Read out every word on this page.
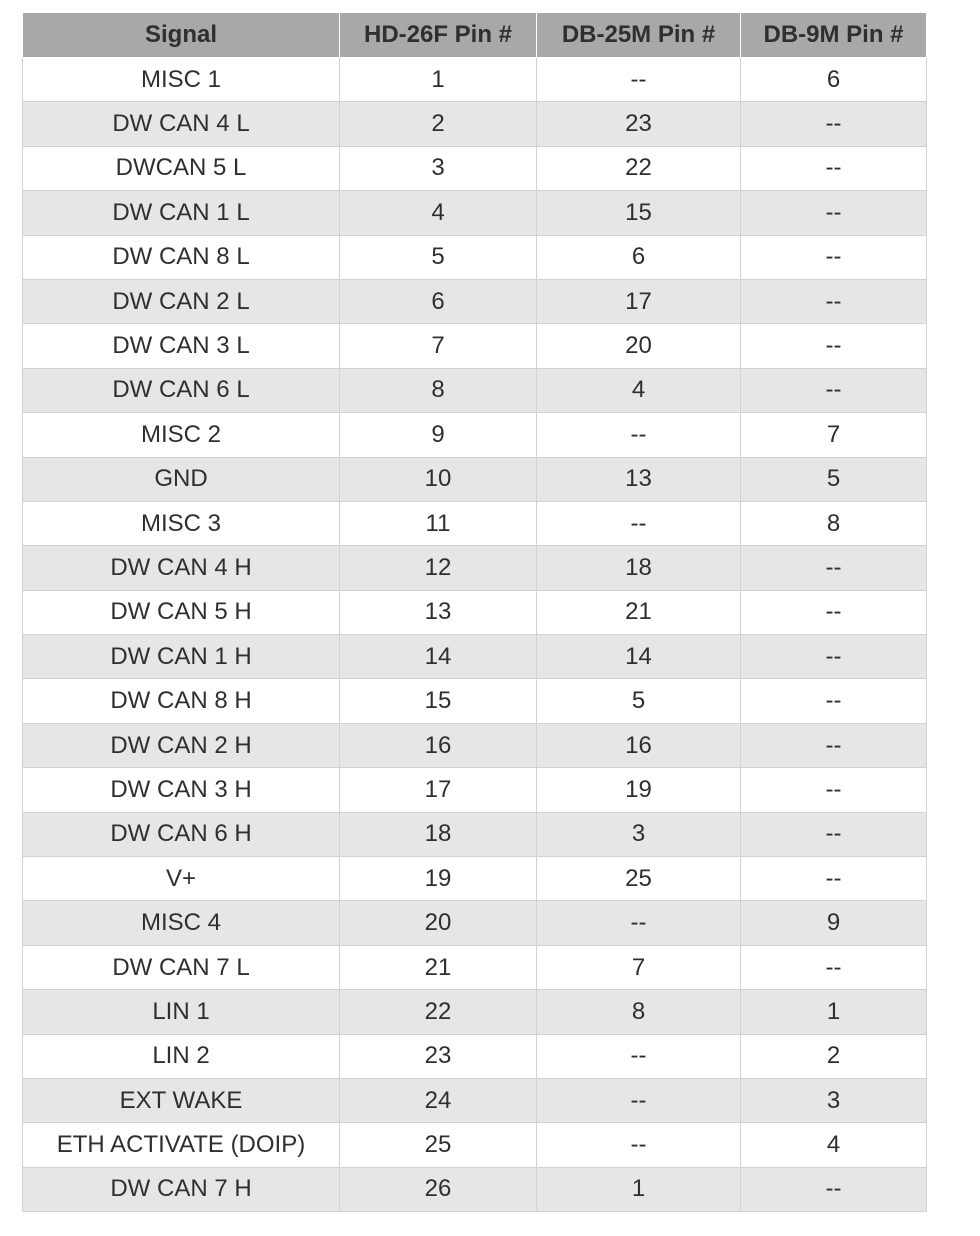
Signal	HD-26F Pin #	DB-25M Pin #	DB-9M Pin #
MISC 1	1	--	6
DW CAN 4 L	2	23	--
DWCAN 5 L	3	22	--
DW CAN 1 L	4	15	--
DW CAN 8 L	5	6	--
DW CAN 2 L	6	17	--
DW CAN 3 L	7	20	--
DW CAN 6 L	8	4	--
MISC 2	9	--	7
GND	10	13	5
MISC 3	11	--	8
DW CAN 4 H	12	18	--
DW CAN 5 H	13	21	--
DW CAN 1 H	14	14	--
DW CAN 8 H	15	5	--
DW CAN 2 H	16	16	--
DW CAN 3 H	17	19	--
DW CAN 6 H	18	3	--
V+	19	25	--
MISC 4	20	--	9
DW CAN 7 L	21	7	--
LIN 1	22	8	1
LIN 2	23	--	2
EXT WAKE	24	--	3
ETH ACTIVATE (DOIP)	25	--	4
DW CAN 7 H	26	1	--
